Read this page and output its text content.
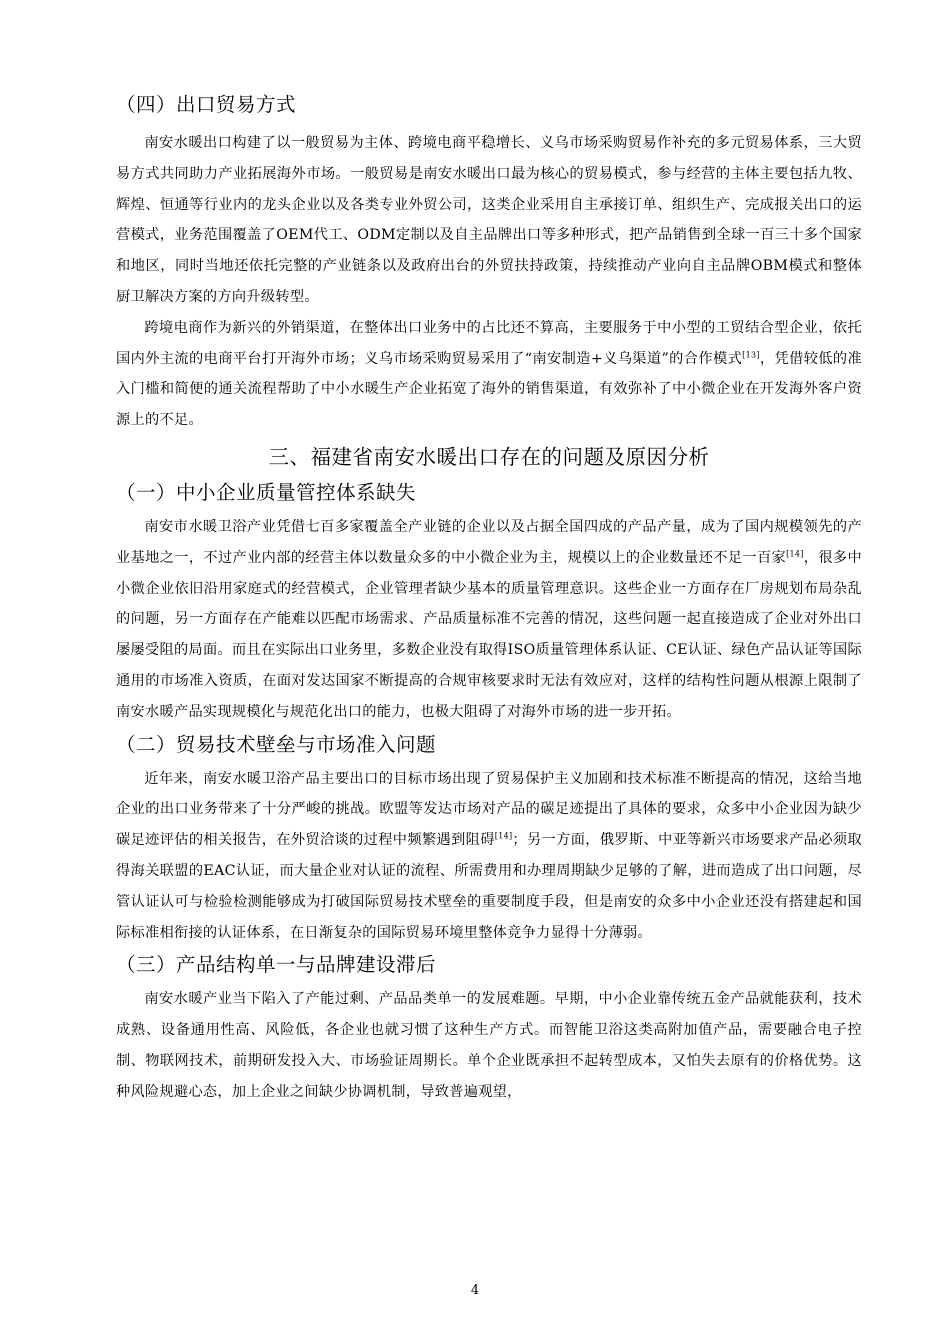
（四）出口贸易方式

南安水暖出口构建了以一般贸易为主体、跨境电商平稳增长、义乌市场采购贸易作补充的多元贸易体系，三大贸易方式共同助力产业拓展海外市场。一般贸易是南安水暖出口最为核心的贸易模式，参与经营的主体主要包括九牧、辉煌、恒通等行业内的龙头企业以及各类专业外贸公司，这类企业采用自主承接订单、组织生产、完成报关出口的运营模式，业务范围覆盖了OEM代工、ODM定制以及自主品牌出口等多种形式，把产品销售到全球一百三十多个国家和地区，同时当地还依托完整的产业链条以及政府出台的外贸扶持政策，持续推动产业向自主品牌OBM模式和整体厨卫解决方案的方向升级转型。

跨境电商作为新兴的外销渠道，在整体出口业务中的占比还不算高，主要服务于中小型的工贸结合型企业，依托国内外主流的电商平台打开海外市场；义乌市场采购贸易采用了“南安制造+义乌渠道”的合作模式[13]，凭借较低的准入门槛和简便的通关流程帮助了中小水暖生产企业拓宽了海外的销售渠道，有效弥补了中小微企业在开发海外客户资源上的不足。

三、福建省南安水暖出口存在的问题及原因分析
（一）中小企业质量管控体系缺失

南安市水暖卫浴产业凭借七百多家覆盖全产业链的企业以及占据全国四成的产品产量，成为了国内规模领先的产业基地之一，不过产业内部的经营主体以数量众多的中小微企业为主，规模以上的企业数量还不足一百家[14]，很多中小微企业依旧沿用家庭式的经营模式，企业管理者缺少基本的质量管理意识。这些企业一方面存在厂房规划布局杂乱的问题，另一方面存在产能难以匹配市场需求、产品质量标准不完善的情况，这些问题一起直接造成了企业对外出口屡屡受阻的局面。而且在实际出口业务里，多数企业没有取得ISO质量管理体系认证、CE认证、绿色产品认证等国际通用的市场准入资质，在面对发达国家不断提高的合规审核要求时无法有效应对，这样的结构性问题从根源上限制了南安水暖产品实现规模化与规范化出口的能力，也极大阻碍了对海外市场的进一步开拓。

（二）贸易技术壁垒与市场准入问题

近年来，南安水暖卫浴产品主要出口的目标市场出现了贸易保护主义加剧和技术标准不断提高的情况，这给当地企业的出口业务带来了十分严峻的挑战。欧盟等发达市场对产品的碳足迹提出了具体的要求，众多中小企业因为缺少碳足迹评估的相关报告，在外贸洽谈的过程中频繁遇到阻碍[14]；另一方面，俄罗斯、中亚等新兴市场要求产品必须取得海关联盟的EAC认证，而大量企业对认证的流程、所需费用和办理周期缺少足够的了解，进而造成了出口问题，尽管认证认可与检验检测能够成为打破国际贸易技术壁垒的重要制度手段，但是南安的众多中小企业还没有搭建起和国际标准相衔接的认证体系，在日渐复杂的国际贸易环境里整体竞争力显得十分薄弱。

（三）产品结构单一与品牌建设滞后

南安水暖产业当下陷入了产能过剩、产品品类单一的发展难题。早期，中小企业靠传统五金产品就能获利，技术成熟、设备通用性高、风险低，各企业也就习惯了这种生产方式。而智能卫浴这类高附加值产品，需要融合电子控制、物联网技术，前期研发投入大、市场验证周期长。单个企业既承担不起转型成本，又怕失去原有的价格优势。这种风险规避心态，加上企业之间缺少协调机制，导致普遍观望，

4
